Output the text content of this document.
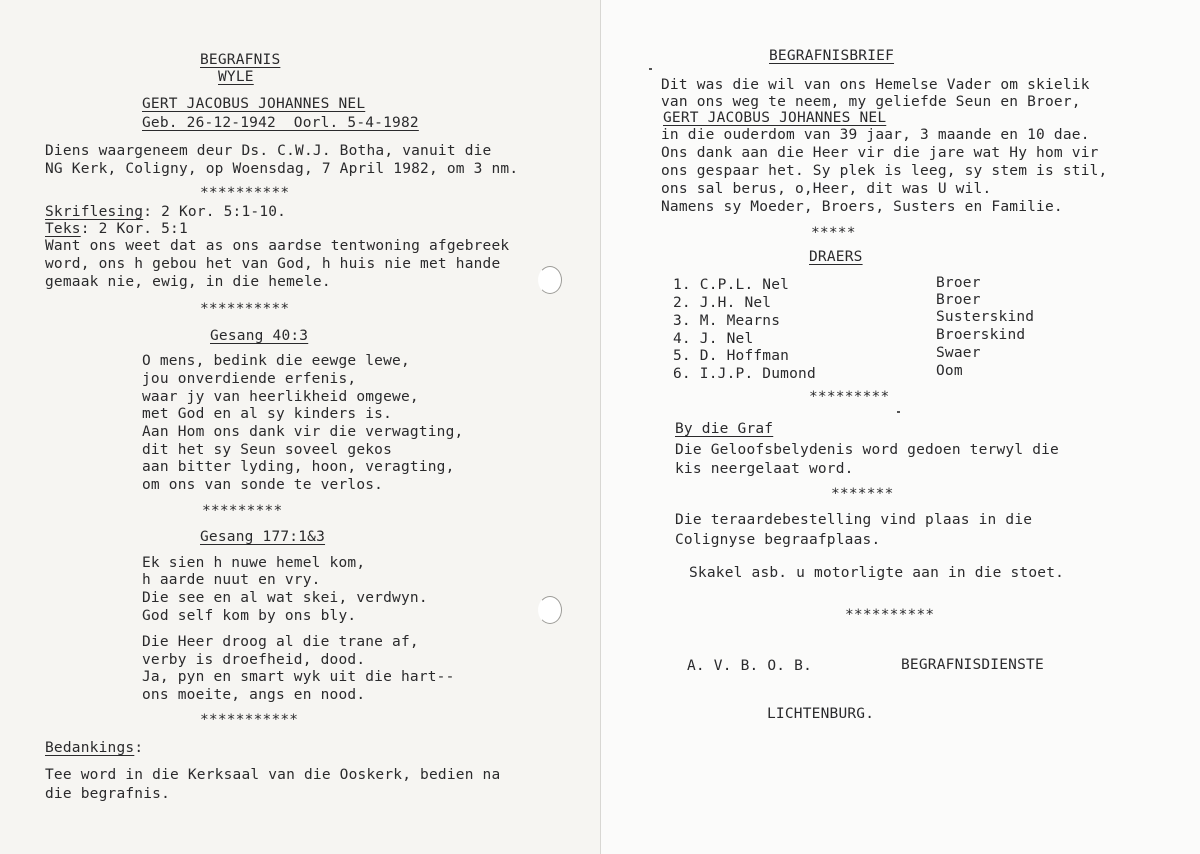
BEGRAFNIS
WYLE
GERT JACOBUS JOHANNES NEL
Geb. 26-12-1942  Oorl. 5-4-1982
Diens waargeneem deur Ds. C.W.J. Botha, vanuit die
NG Kerk, Coligny, op Woensdag, 7 April 1982, om 3 nm.
**********
Skriflesing: 2 Kor. 5:1-10.
Teks: 2 Kor. 5:1
Want ons weet dat as ons aardse tentwoning afgebreek
word, ons h gebou het van God, h huis nie met hande
gemaak nie, ewig, in die hemele.
**********
Gesang 40:3
O mens, bedink die eewge lewe,
jou onverdiende erfenis,
waar jy van heerlikheid omgewe,
met God en al sy kinders is.
Aan Hom ons dank vir die verwagting,
dit het sy Seun soveel gekos
aan bitter lyding, hoon, veragting,
om ons van sonde te verlos.
*********
Gesang 177:1&3
Ek sien h nuwe hemel kom,
h aarde nuut en vry.
Die see en al wat skei, verdwyn.
God self kom by ons bly.
Die Heer droog al die trane af,
verby is droefheid, dood.
Ja, pyn en smart wyk uit die hart--
ons moeite, angs en nood.
***********
Bedankings:
Tee word in die Kerksaal van die Ooskerk, bedien na
die begrafnis.
BEGRAFNISBRIEF
Dit was die wil van ons Hemelse Vader om skielik
van ons weg te neem, my geliefde Seun en Broer,
GERT JACOBUS JOHANNES NEL
in die ouderdom van 39 jaar, 3 maande en 10 dae.
Ons dank aan die Heer vir die jare wat Hy hom vir
ons gespaar het. Sy plek is leeg, sy stem is stil,
ons sal berus, o,Heer, dit was U wil.
Namens sy Moeder, Broers, Susters en Familie.
*****
DRAERS
1. C.P.L. Nel	Broer
2. J.H. Nel	Broer
3. M. Mearns	Susterskind
4. J. Nel	Broerskind
5. D. Hoffman	Swaer
6. I.J.P. Dumond	Oom
*********
By die Graf
Die Geloofsbelydenis word gedoen terwyl die
kis neergelaat word.
*******
Die teraardebestelling vind plaas in die
Colignyse begraafplaas.
Skakel asb. u motorligte aan in die stoet.
**********
A. V. B. O. B.	BEGRAFNISDIENSTE
LICHTENBURG.
